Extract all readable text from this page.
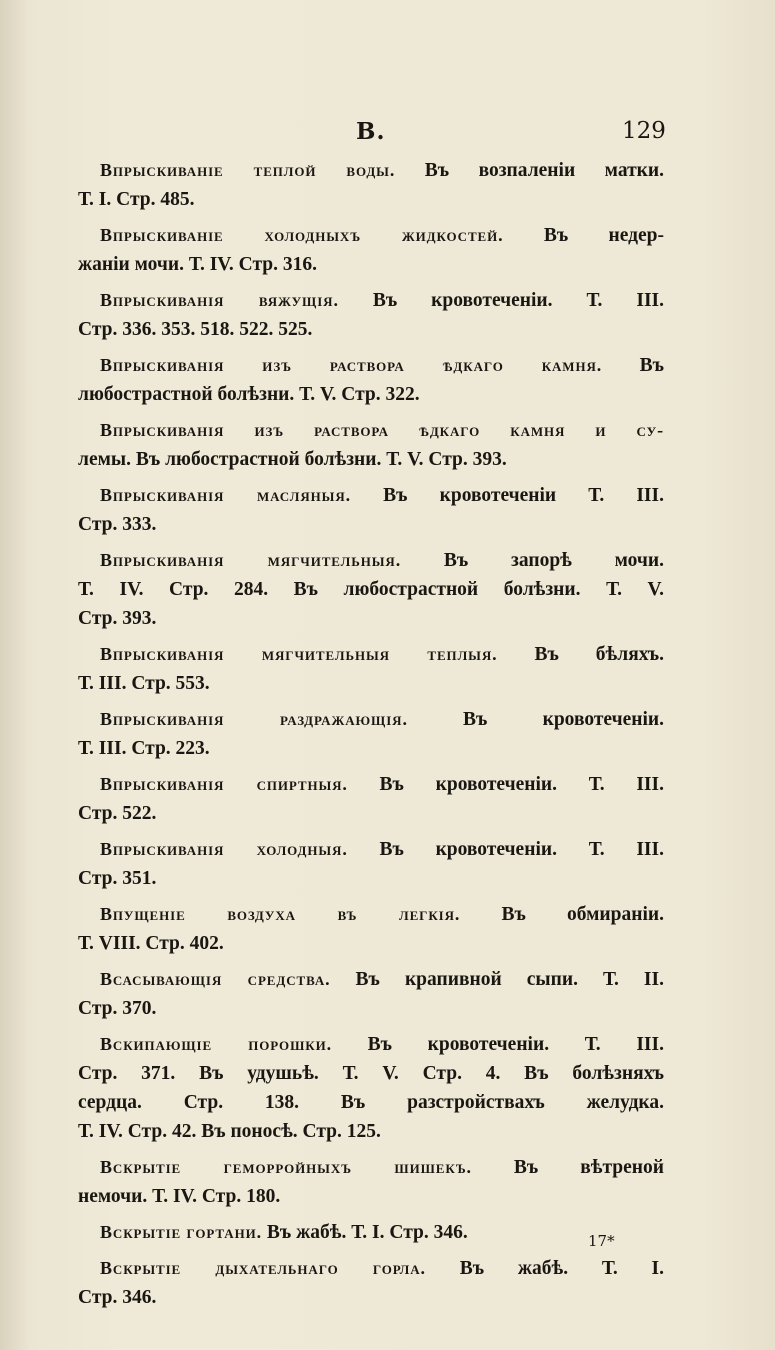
В.	129
Впрыскиванiе теплой воды. Въ возпаленiи матки.
Т. I. Стр. 485.
Впрыскиванiе холодныхъ жидкостей. Въ недер-
жанiи мочи. Т. IV. Стр. 316.
Впрыскиванiя вяжущiя. Въ кровотеченiи. Т. III.
Стр. 336. 353. 518. 522. 525.
Впрыскиванiя изъ раствора ѣдкаго камня. Въ
любострастной болѣзни. Т. V. Стр. 322.
Впрыскиванiя изъ раствора ѣдкаго камня и су-
лемы. Въ любострастной болѣзни. Т. V. Стр. 393.
Впрыскиванiя масляныя. Въ кровотеченiи Т. III.
Стр. 333.
Впрыскиванiя мягчительныя. Въ запорѣ мочи.
Т. IV. Стр. 284. Въ любострастной болѣзни. Т. V.
Стр. 393.
Впрыскиванiя мягчительныя теплыя. Въ бѣляхъ.
Т. III. Стр. 553.
Впрыскиванiя раздражающiя. Въ кровотеченiи.
Т. III. Стр. 223.
Впрыскиванiя спиртныя. Въ кровотеченiи. Т. III.
Стр. 522.
Впрыскиванiя холодныя. Въ кровотеченiи. Т. III.
Стр. 351.
Впущенiе воздуха въ легкiя. Въ обмиранiи.
Т. VIII. Стр. 402.
Всасывающiя средства. Въ крапивной сыпи. Т. II.
Стр. 370.
Вскипающiе порошки. Въ кровотеченiи. Т. III.
Стр. 371. Въ удушьѣ. Т. V. Стр. 4. Въ болѣзняхъ
сердца. Стр. 138. Въ разстройствахъ желудка.
Т. IV. Стр. 42. Въ поносѣ. Стр. 125.
Вскрытiе геморройныхъ шишекъ. Въ вѣтреной
немочи. Т. IV. Стр. 180.
Вскрытiе гортани. Въ жабѣ. Т. I. Стр. 346.
Вскрытiе дыхательнаго горла. Въ жабѣ. Т. I.
Стр. 346.
17*
